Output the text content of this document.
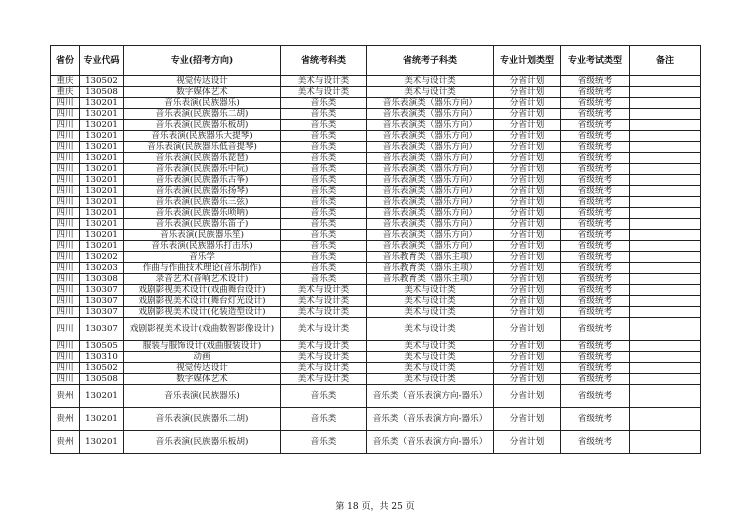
省份	专业代码	专业(招考方向)	省统考科类	省统考子科类	专业计划类型	专业考试类型	备注
重庆	130502	视觉传达设计	美术与设计类	美术与设计类	分省计划	省级统考	
重庆	130508	数字媒体艺术	美术与设计类	美术与设计类	分省计划	省级统考	
四川	130201	音乐表演(民族器乐)	音乐类	音乐表演类（器乐方向）	分省计划	省级统考	
四川	130201	音乐表演(民族器乐二胡)	音乐类	音乐表演类（器乐方向）	分省计划	省级统考	
四川	130201	音乐表演(民族器乐板胡)	音乐类	音乐表演类（器乐方向）	分省计划	省级统考	
四川	130201	音乐表演(民族器乐大提琴)	音乐类	音乐表演类（器乐方向）	分省计划	省级统考	
四川	130201	音乐表演(民族器乐低音提琴)	音乐类	音乐表演类（器乐方向）	分省计划	省级统考	
四川	130201	音乐表演(民族器乐琵琶)	音乐类	音乐表演类（器乐方向）	分省计划	省级统考	
四川	130201	音乐表演(民族器乐中阮)	音乐类	音乐表演类（器乐方向）	分省计划	省级统考	
四川	130201	音乐表演(民族器乐古筝)	音乐类	音乐表演类（器乐方向）	分省计划	省级统考	
四川	130201	音乐表演(民族器乐扬琴)	音乐类	音乐表演类（器乐方向）	分省计划	省级统考	
四川	130201	音乐表演(民族器乐三弦)	音乐类	音乐表演类（器乐方向）	分省计划	省级统考	
四川	130201	音乐表演(民族器乐唢呐)	音乐类	音乐表演类（器乐方向）	分省计划	省级统考	
四川	130201	音乐表演(民族器乐笛子)	音乐类	音乐表演类（器乐方向）	分省计划	省级统考	
四川	130201	音乐表演(民族器乐笙)	音乐类	音乐表演类（器乐方向）	分省计划	省级统考	
四川	130201	音乐表演(民族器乐打击乐)	音乐类	音乐表演类（器乐方向）	分省计划	省级统考	
四川	130202	音乐学	音乐类	音乐教育类（器乐主项）	分省计划	省级统考	
四川	130203	作曲与作曲技术理论(音乐制作)	音乐类	音乐教育类（器乐主项）	分省计划	省级统考	
四川	130308	录音艺术(音响艺术设计)	音乐类	音乐教育类（器乐主项）	分省计划	省级统考	
四川	130307	戏剧影视美术设计(戏曲舞台设计)	美术与设计类	美术与设计类	分省计划	省级统考	
四川	130307	戏剧影视美术设计(舞台灯光设计)	美术与设计类	美术与设计类	分省计划	省级统考	
四川	130307	戏剧影视美术设计(化装造型设计)	美术与设计类	美术与设计类	分省计划	省级统考	
四川	130307	戏剧影视美术设计(戏曲数智影像设计)	美术与设计类	美术与设计类	分省计划	省级统考	
四川	130505	服装与服饰设计(戏曲服装设计)	美术与设计类	美术与设计类	分省计划	省级统考	
四川	130310	动画	美术与设计类	美术与设计类	分省计划	省级统考	
四川	130502	视觉传达设计	美术与设计类	美术与设计类	分省计划	省级统考	
四川	130508	数字媒体艺术	美术与设计类	美术与设计类	分省计划	省级统考	
贵州	130201	音乐表演(民族器乐)	音乐类	音乐类（音乐表演方向-器乐）	分省计划	省级统考	
贵州	130201	音乐表演(民族器乐二胡)	音乐类	音乐类（音乐表演方向-器乐）	分省计划	省级统考	
贵州	130201	音乐表演(民族器乐板胡)	音乐类	音乐类（音乐表演方向-器乐）	分省计划	省级统考	
第 18 页，共 25 页
